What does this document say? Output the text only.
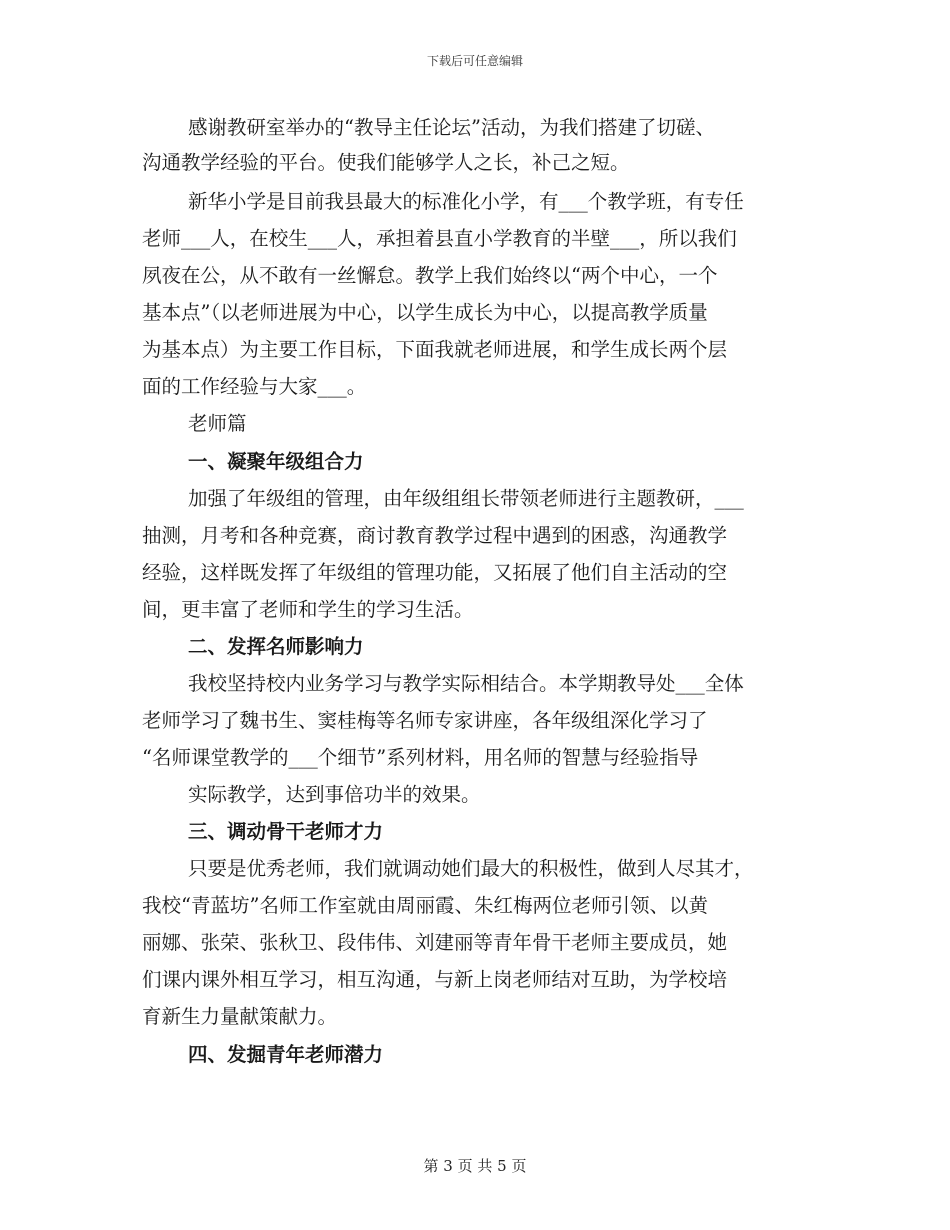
下载后可任意编辑
感谢教研室举办的“教导主任论坛”活动，为我们搭建了切磋、
沟通教学经验的平台。使我们能够学人之长，补己之短。
新华小学是目前我县最大的标准化小学，有___个教学班，有专任
老师___人，在校生___人，承担着县直小学教育的半壁___，所以我们
夙夜在公，从不敢有一丝懈怠。教学上我们始终以“两个中心，一个
基本点”（以老师进展为中心，以学生成长为中心，以提高教学质量
为基本点）为主要工作目标，下面我就老师进展，和学生成长两个层
面的工作经验与大家___。
老师篇
一、凝聚年级组合力
加强了年级组的管理，由年级组组长带领老师进行主题教研，___
抽测，月考和各种竞赛，商讨教育教学过程中遇到的困惑，沟通教学
经验，这样既发挥了年级组的管理功能，又拓展了他们自主活动的空
间，更丰富了老师和学生的学习生活。
二、发挥名师影响力
我校坚持校内业务学习与教学实际相结合。本学期教导处___全体
老师学习了魏书生、窦桂梅等名师专家讲座，各年级组深化学习了
“名师课堂教学的___个细节”系列材料，用名师的智慧与经验指导
实际教学，达到事倍功半的效果。
三、调动骨干老师才力
只要是优秀老师，我们就调动她们最大的积极性，做到人尽其才，
我校“青蓝坊”名师工作室就由周丽霞、朱红梅两位老师引领、以黄
丽娜、张荣、张秋卫、段伟伟、刘建丽等青年骨干老师主要成员，她
们课内课外相互学习，相互沟通，与新上岗老师结对互助，为学校培
育新生力量献策献力。
四、发掘青年老师潜力
第 3 页 共 5 页
